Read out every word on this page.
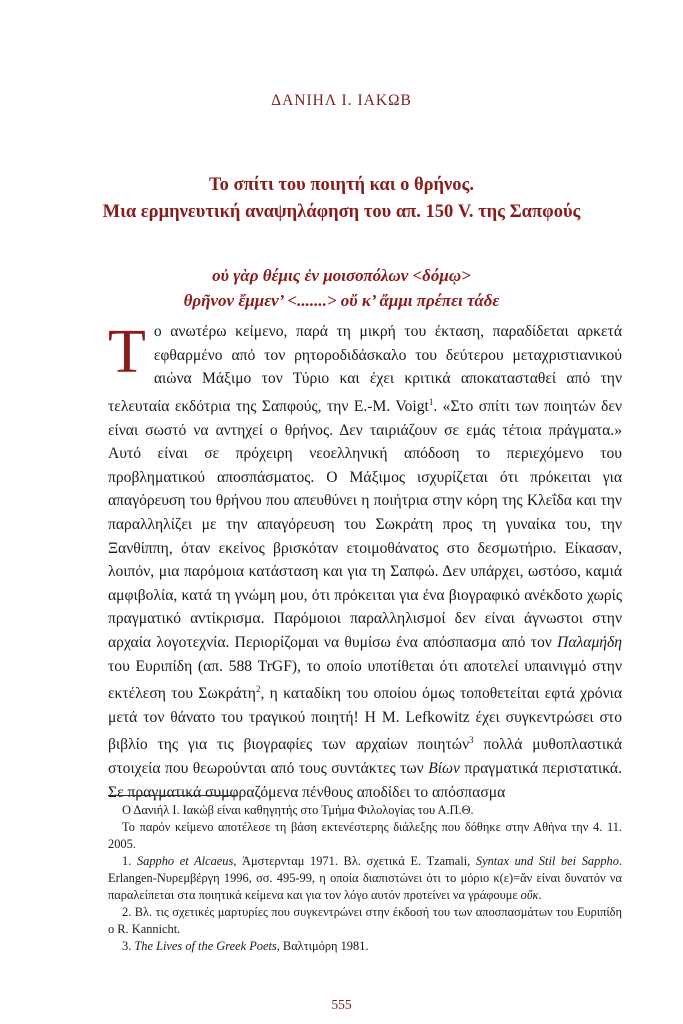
ΔΑΝΙΗΛ Ι. ΙΑΚΩΒ
Το σπίτι του ποιητή και ο θρήνος.
Μια ερμηνευτική αναψηλάφηση του απ. 150 V. της Σαπφούς
οὐ γὰρ θέμις ἐν μοισοπόλων <δόμῳ>
θρῆνον ἔμμεν’ <.......> οὔ κ’ ἄμμι πρέπει τάδε

Το ανωτέρω κείμενο, παρά τη μικρή του έκταση, παραδίδεται αρκετά εφθαρμένο από τον ρητοροδιδάσκαλο του δεύτερου μεταχριστιανικού αιώνα Μάξιμο τον Τύριο και έχει κριτικά αποκατασταθεί από την τελευταία εκδότρια της Σαπφούς, την E.-M. Voigt$^1$. «Στο σπίτι των ποιητών δεν είναι σωστό να αντηχεί ο θρήνος. Δεν ταιριάζουν σε εμάς τέτοια πράγματα.» Αυτό είναι σε πρόχειρη νεοελληνική απόδοση το περιεχόμενο του προβληματικού αποσπάσματος. Ο Μάξιμος ισχυρίζεται ότι πρόκειται για απαγόρευση του θρήνου που απευθύνει η ποιήτρια στην κόρη της Κλεΐδα και την παραλληλίζει με την απαγόρευση του Σωκράτη προς τη γυναίκα του, την Ξανθίππη, όταν εκείνος βρισκόταν ετοιμοθάνατος στο δεσμωτήριο. Είκασαν, λοιπόν, μια παρόμοια κατάσταση και για τη Σαπφώ. Δεν υπάρχει, ωστόσο, καμιά αμφιβολία, κατά τη γνώμη μου, ότι πρόκειται για ένα βιογραφικό ανέκδοτο χωρίς πραγματικό αντίκρισμα. Παρόμοιοι παραλληλισμοί δεν είναι άγνωστοι στην αρχαία λογοτεχνία. Περιορίζομαι να θυμίσω ένα απόσπασμα από τον Παλαμήδη του Ευριπίδη (απ. 588 TrGF), το οποίο υποτίθεται ότι αποτελεί υπαινιγμό στην εκτέλεση του Σωκράτη$^2$, η καταδίκη του οποίου όμως τοποθετείται εφτά χρόνια μετά τον θάνατο του τραγικού ποιητή! Η M. Lefkowitz έχει συγκεντρώσει στο βιβλίο της για τις βιογραφίες των αρχαίων ποιητών$^3$ πολλά μυθοπλαστικά στοιχεία που θεωρούνται από τους συντάκτες των Βίων πραγματικά περιστατικά. Σε πραγματικά συμφραζόμενα πένθους αποδίδει το απόσπασμα

Ο Δανιήλ Ι. Ιακώβ είναι καθηγητής στο Τμήμα Φιλολογίας του Α.Π.Θ.

Το παρόν κείμενο αποτέλεσε τη βάση εκτενέστερης διάλεξης που δόθηκε στην Αθήνα την 4. 11. 2005.

1. Sappho et Alcaeus, Άμστερνταμ 1971. Βλ. σχετικά E. Tzamali, Syntax und Stil bei Sappho. Erlangen-Νυρεμβέργη 1996, σσ. 495-99, η οποία διαπιστώνει ότι το μόριο κ(ε)=ἄν είναι δυνατόν να παραλείπεται στα ποιητικά κείμενα και για τον λόγο αυτόν προτείνει να γράφουμε οὔκ.

2. Βλ. τις σχετικές μαρτυρίες που συγκεντρώνει στην έκδοσή του των αποσπασμάτων του Ευριπίδη ο R. Kannicht.

3. The Lives of the Greek Poets, Βαλτιμόρη 1981.

555
